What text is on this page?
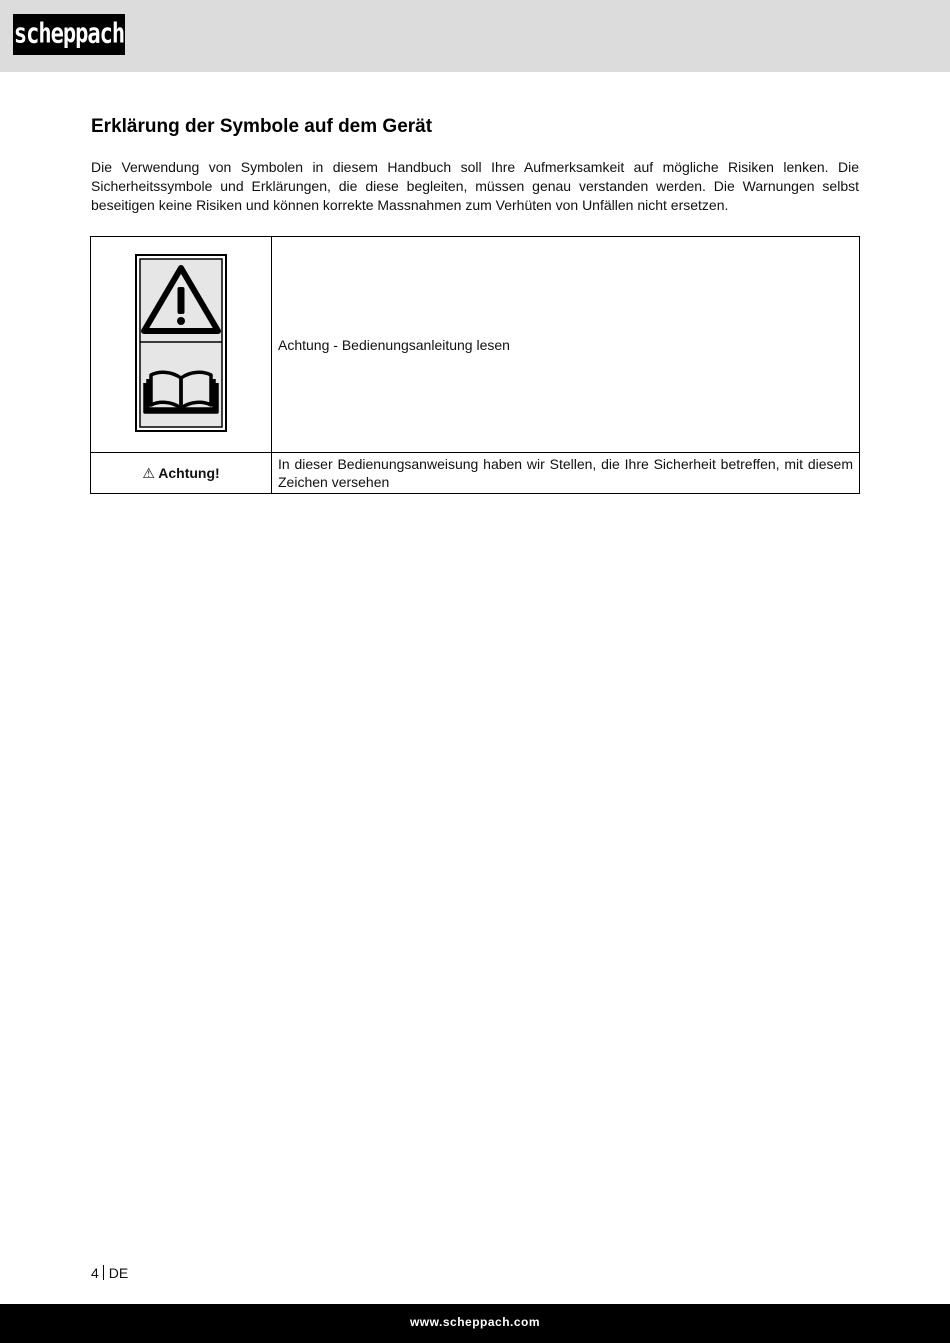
scheppach
Erklärung der Symbole auf dem Gerät

Die Verwendung von Symbolen in diesem Handbuch soll Ihre Aufmerksamkeit auf mögliche Risiken lenken. Die Sicherheitssymbole und Erklärungen, die diese begleiten, müssen genau verstanden werden. Die Warnungen selbst beseitigen keine Risiken und können korrekte Massnahmen zum Verhüten von Unfällen nicht ersetzen.

	Achtung - Bedienungsanleitung lesen
⚠ Achtung!	In dieser Bedienungsanweisung haben wir Stellen, die Ihre Sicherheit betreffen, mit diesem Zeichen versehen
4 DE
www.scheppach.com
